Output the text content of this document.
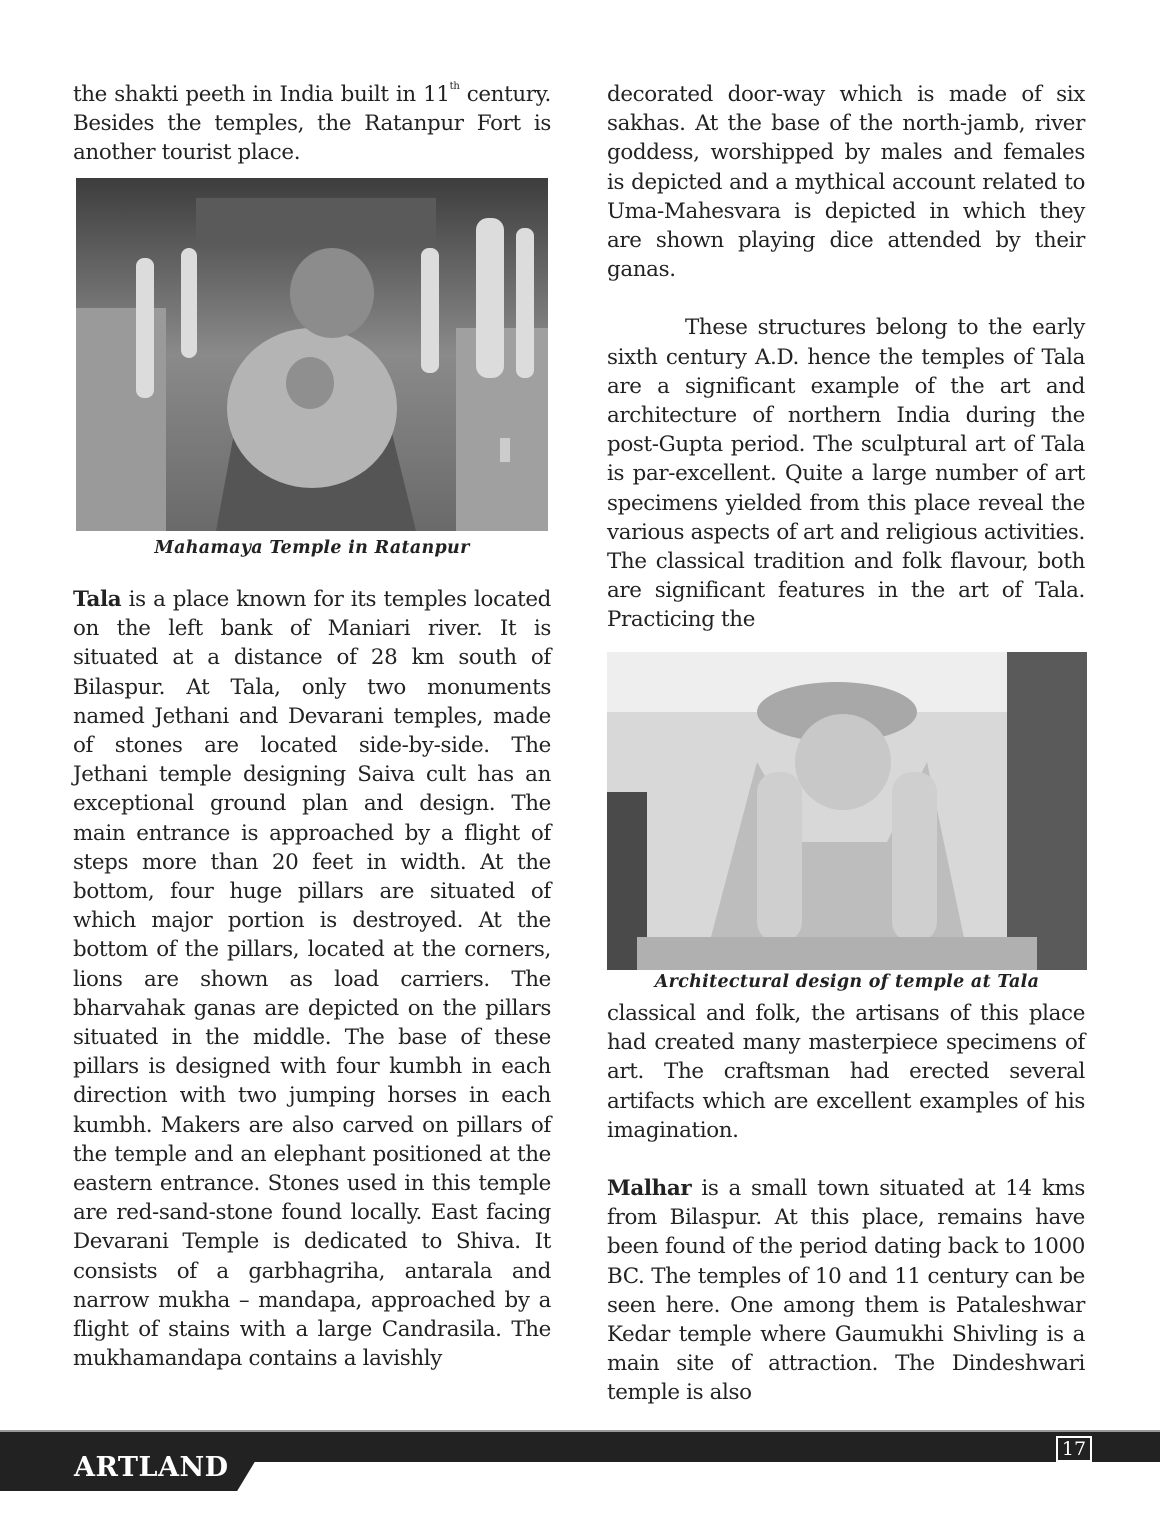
the shakti peeth in India built in 11th century. Besides the temples, the Ratanpur Fort is another tourist place.

Mahamaya Temple in Ratanpur

Tala is a place known for its temples located on the left bank of Maniari river. It is situated at a distance of 28 km south of Bilaspur. At Tala, only two monuments named Jethani and Devarani temples, made of stones are located side-by-side. The Jethani temple designing Saiva cult has an exceptional ground plan and design. The main entrance is approached by a flight of steps more than 20 feet in width. At the bottom, four huge pillars are situated of which major portion is destroyed. At the bottom of the pillars, located at the corners, lions are shown as load carriers. The bharvahak ganas are depicted on the pillars situated in the middle. The base of these pillars is designed with four kumbh in each direction with two jumping horses in each kumbh. Makers are also carved on pillars of the temple and an elephant positioned at the eastern entrance. Stones used in this temple are red-sand-stone found locally. East facing Devarani Temple is dedicated to Shiva. It consists of a garbhagriha, antarala and narrow mukha – mandapa, approached by a flight of stains with a large Candrasila. The mukhamandapa contains a lavishly

decorated door-way which is made of six sakhas. At the base of the north-jamb, river goddess, worshipped by males and females is depicted and a mythical account related to Uma-Mahesvara is depicted in which they are shown playing dice attended by their ganas.

These structures belong to the early sixth century A.D. hence the temples of Tala are a significant example of the art and architecture of northern India during the post-Gupta period. The sculptural art of Tala is par-excellent. Quite a large number of art specimens yielded from this place reveal the various aspects of art and religious activities. The classical tradition and folk flavour, both are significant features in the art of Tala. Practicing the

Architectural design of temple at Tala

classical and folk, the artisans of this place had created many masterpiece specimens of art. The craftsman had erected several artifacts which are excellent examples of his imagination.

Malhar is a small town situated at 14 kms from Bilaspur. At this place, remains have been found of the period dating back to 1000 BC. The temples of 10 and 11 century can be seen here. One among them is Pataleshwar Kedar temple where Gaumukhi Shivling is a main site of attraction. The Dindeshwari temple is also

ARTLAND
17
